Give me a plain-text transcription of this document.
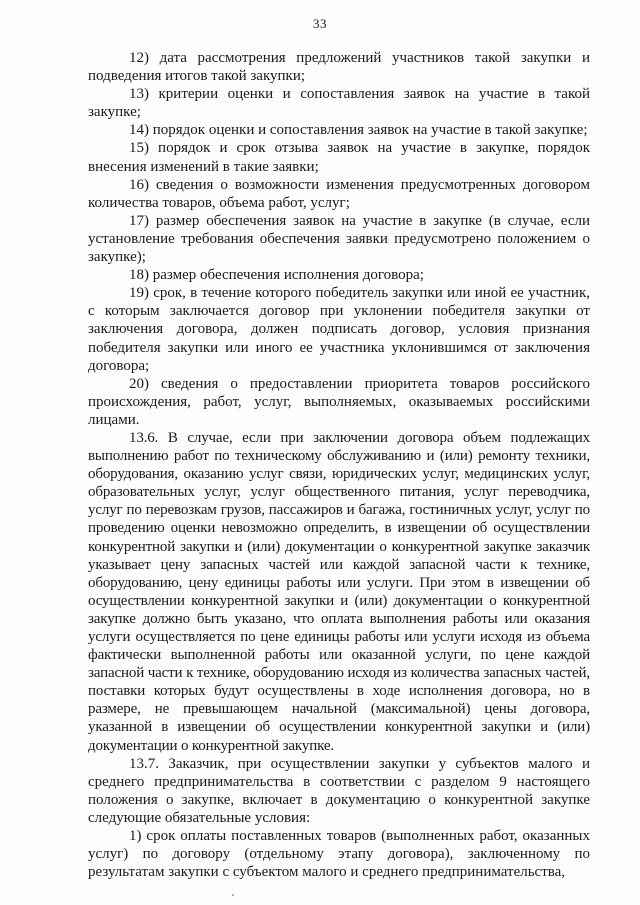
33

12) дата рассмотрения предложений участников такой закупки и подведения итогов такой закупки;

13) критерии оценки и сопоставления заявок на участие в такой закупке;

14) порядок оценки и сопоставления заявок на участие в такой закупке;

15) порядок и срок отзыва заявок на участие в закупке, порядок внесения изменений в такие заявки;

16) сведения о возможности изменения предусмотренных договором количества товаров, объема работ, услуг;

17) размер обеспечения заявок на участие в закупке (в случае, если установление требования обеспечения заявки предусмотрено положением о закупке);

18) размер обеспечения исполнения договора;

19) срок, в течение которого победитель закупки или иной ее участник, с которым заключается договор при уклонении победителя закупки от заключения договора, должен подписать договор, условия признания победителя закупки или иного ее участника уклонившимся от заключения договора;

20) сведения о предоставлении приоритета товаров российского происхождения, работ, услуг, выполняемых, оказываемых российскими лицами.

13.6. В случае, если при заключении договора объем подлежащих выполнению работ по техническому обслуживанию и (или) ремонту техники, оборудования, оказанию услуг связи, юридических услуг, медицинских услуг, образовательных услуг, услуг общественного питания, услуг переводчика, услуг по перевозкам грузов, пассажиров и багажа, гостиничных услуг, услуг по проведению оценки невозможно определить, в извещении об осуществлении конкурентной закупки и (или) документации о конкурентной закупке заказчик указывает цену запасных частей или каждой запасной части к технике, оборудованию, цену единицы работы или услуги. При этом в извещении об осуществлении конкурентной закупки и (или) документации о конкурентной закупке должно быть указано, что оплата выполнения работы или оказания услуги осуществляется по цене единицы работы или услуги исходя из объема фактически выполненной работы или оказанной услуги, по цене каждой запасной части к технике, оборудованию исходя из количества запасных частей, поставки которых будут осуществлены в ходе исполнения договора, но в размере, не превышающем начальной (максимальной) цены договора, указанной в извещении об осуществлении конкурентной закупки и (или) документации о конкурентной закупке.

13.7. Заказчик, при осуществлении закупки у субъектов малого и среднего предпринимательства в соответствии с разделом 9 настоящего положения о закупке, включает в документацию о конкурентной закупке следующие обязательные условия:

1) срок оплаты поставленных товаров (выполненных работ, оказанных услуг) по договору (отдельному этапу договора), заключенному по результатам закупки с субъектом малого и среднего предпринимательства,
